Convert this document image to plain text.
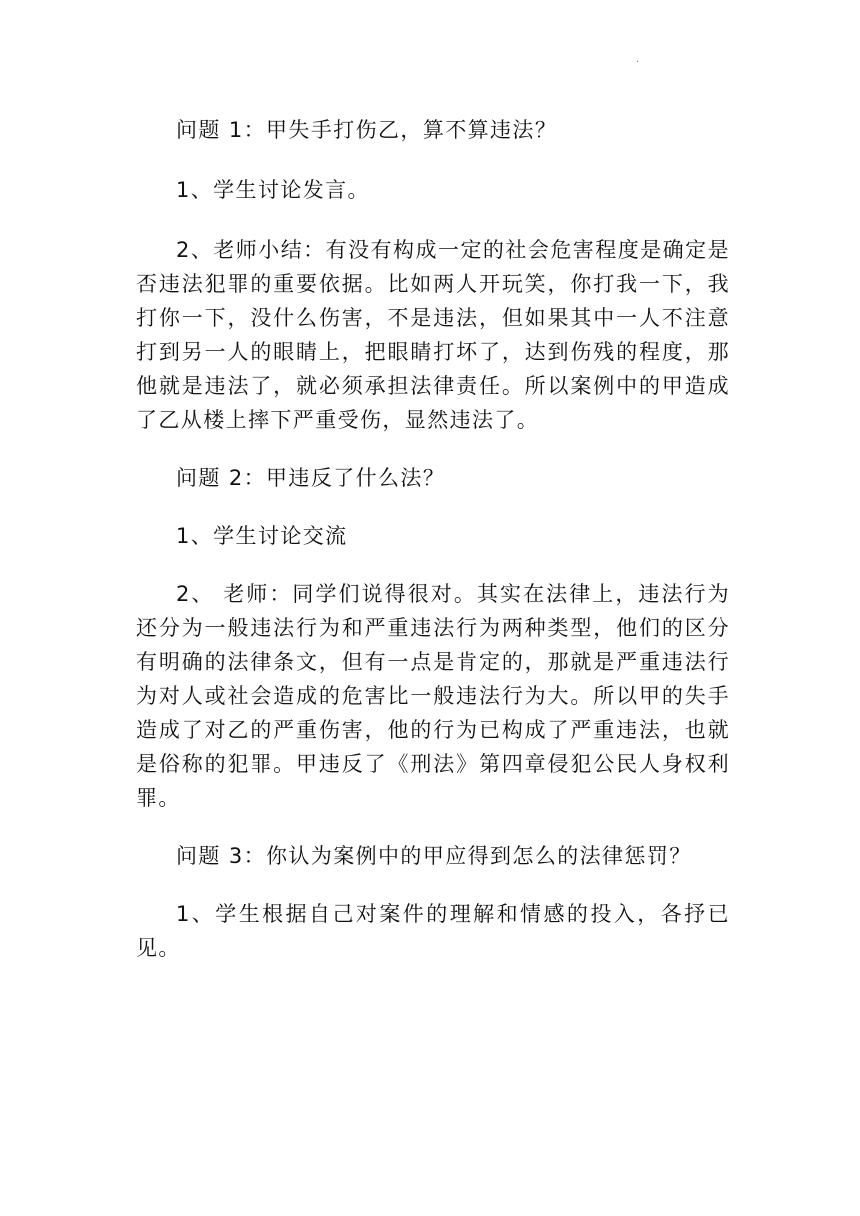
·

问题 1：甲失手打伤乙，算不算违法？

1、学生讨论发言。

2、老师小结：有没有构成一定的社会危害程度是确定是否违法犯罪的重要依据。比如两人开玩笑，你打我一下，我打你一下，没什么伤害，不是违法，但如果其中一人不注意打到另一人的眼睛上，把眼睛打坏了，达到伤残的程度，那他就是违法了，就必须承担法律责任。所以案例中的甲造成了乙从楼上摔下严重受伤，显然违法了。

问题 2：甲违反了什么法？

1、学生讨论交流

2、 老师：同学们说得很对。其实在法律上，违法行为还分为一般违法行为和严重违法行为两种类型，他们的区分有明确的法律条文，但有一点是肯定的，那就是严重违法行为对人或社会造成的危害比一般违法行为大。所以甲的失手造成了对乙的严重伤害，他的行为已构成了严重违法，也就是俗称的犯罪。甲违反了《刑法》第四章侵犯公民人身权利罪。

问题 3：你认为案例中的甲应得到怎么的法律惩罚？

1、学生根据自己对案件的理解和情感的投入，各抒已见。
